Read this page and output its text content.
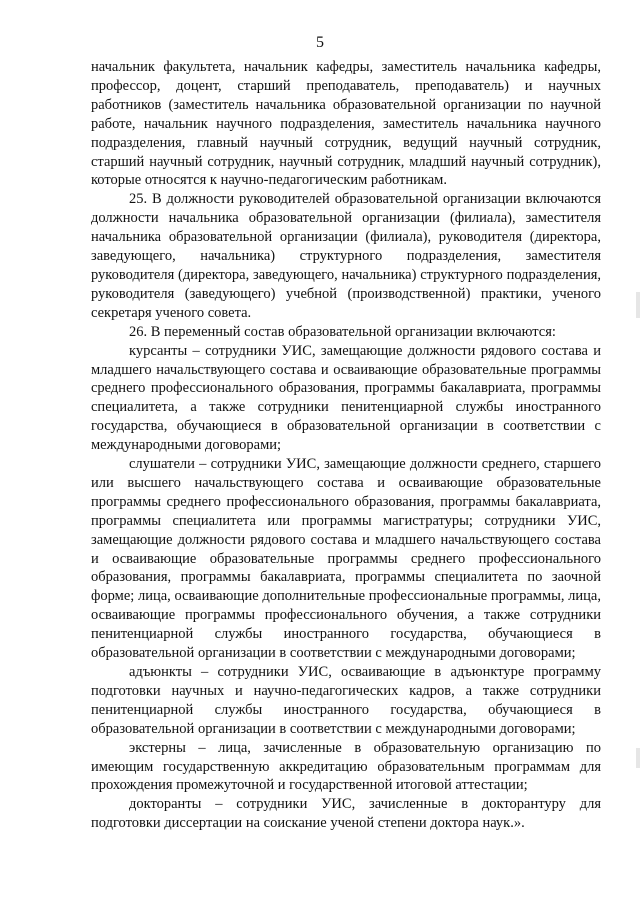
5

начальник факультета, начальник кафедры, заместитель начальника кафедры, профессор, доцент, старший преподаватель, преподаватель) и научных работников (заместитель начальника образовательной организации по научной работе, начальник научного подразделения, заместитель начальника научного подразделения, главный научный сотрудник, ведущий научный сотрудник, старший научный сотрудник, научный сотрудник, младший научный сотрудник), которые относятся к научно-педагогическим работникам.

25. В должности руководителей образовательной организации включаются должности начальника образовательной организации (филиала), заместителя начальника образовательной организации (филиала), руководителя (директора, заведующего, начальника) структурного подразделения, заместителя руководителя (директора, заведующего, начальника) структурного подразделения, руководителя (заведующего) учебной (производственной) практики, ученого секретаря ученого совета.

26. В переменный состав образовательной организации включаются:

курсанты – сотрудники УИС, замещающие должности рядового состава и младшего начальствующего состава и осваивающие образовательные программы среднего профессионального образования, программы бакалавриата, программы специалитета, а также сотрудники пенитенциарной службы иностранного государства, обучающиеся в образовательной организации в соответствии с международными договорами;

слушатели – сотрудники УИС, замещающие должности среднего, старшего или высшего начальствующего состава и осваивающие образовательные программы среднего профессионального образования, программы бакалавриата, программы специалитета или программы магистратуры; сотрудники УИС, замещающие должности рядового состава и младшего начальствующего состава и осваивающие образовательные программы среднего профессионального образования, программы бакалавриата, программы специалитета по заочной форме; лица, осваивающие дополнительные профессиональные программы, лица, осваивающие программы профессионального обучения, а также сотрудники пенитенциарной службы иностранного государства, обучающиеся в образовательной организации в соответствии с международными договорами;

адъюнкты – сотрудники УИС, осваивающие в адъюнктуре программу подготовки научных и научно-педагогических кадров, а также сотрудники пенитенциарной службы иностранного государства, обучающиеся в образовательной организации в соответствии с международными договорами;

экстерны – лица, зачисленные в образовательную организацию по имеющим государственную аккредитацию образовательным программам для прохождения промежуточной и государственной итоговой аттестации;

докторанты – сотрудники УИС, зачисленные в докторантуру для подготовки диссертации на соискание ученой степени доктора наук.».
